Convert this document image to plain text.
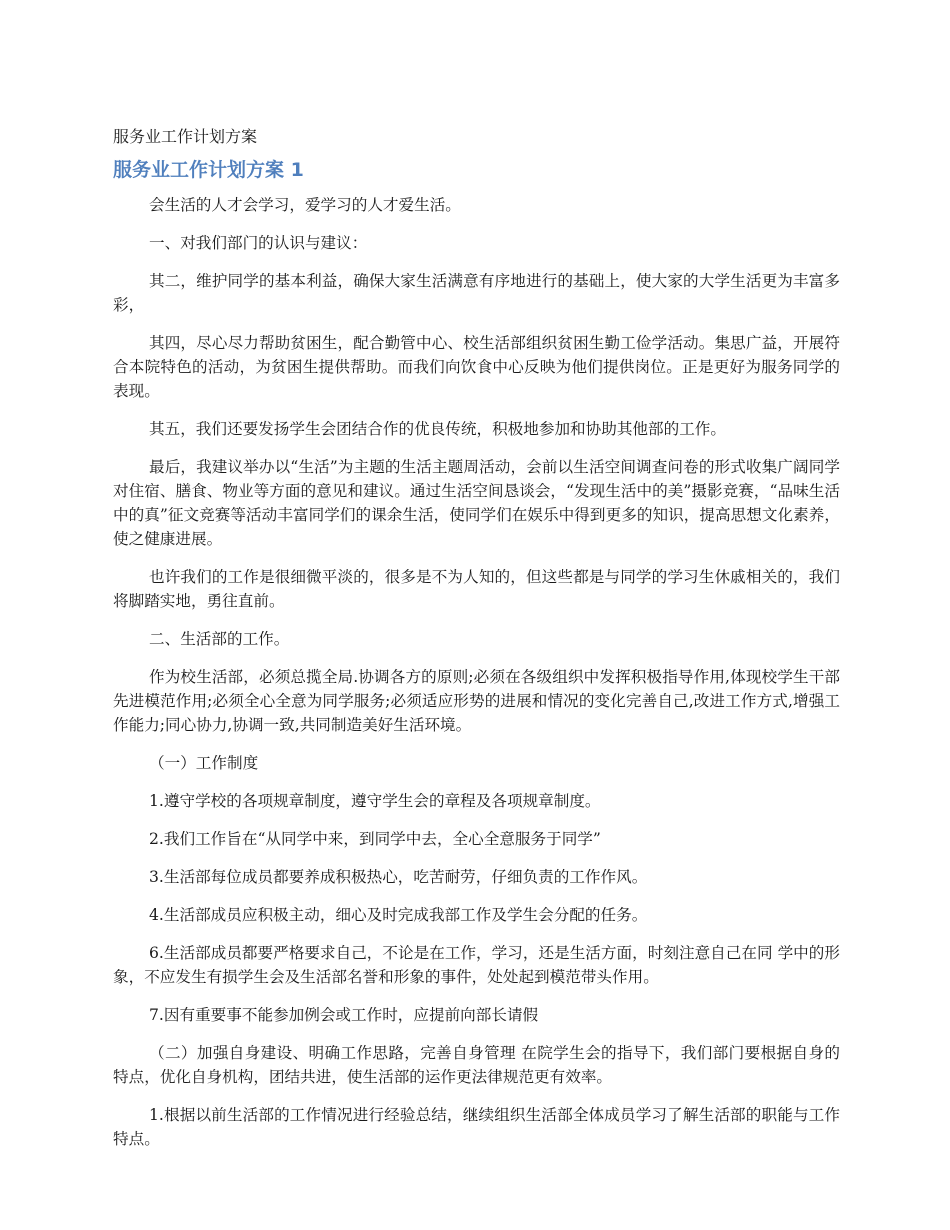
服务业工作计划方案
服务业工作计划方案 1

会生活的人才会学习，爱学习的人才爱生活。

一、对我们部门的认识与建议：

其二，维护同学的基本利益，确保大家生活满意有序地进行的基础上，使大家的大学生活更为丰富多彩，

其四，尽心尽力帮助贫困生，配合勤管中心、校生活部组织贫困生勤工俭学活动。集思广益，开展符合本院特色的活动，为贫困生提供帮助。而我们向饮食中心反映为他们提供岗位。正是更好为服务同学的表现。

其五，我们还要发扬学生会团结合作的优良传统，积极地参加和协助其他部的工作。

最后，我建议举办以“生活”为主题的生活主题周活动，会前以生活空间调查问卷的形式收集广阔同学对住宿、膳食、物业等方面的意见和建议。通过生活空间恳谈会，“发现生活中的美”摄影竞赛，“品味生活中的真”征文竞赛等活动丰富同学们的课余生活，使同学们在娱乐中得到更多的知识，提高思想文化素养，使之健康进展。

也许我们的工作是很细微平淡的，很多是不为人知的，但这些都是与同学的学习生休戚相关的，我们将脚踏实地，勇往直前。

二、生活部的工作。

作为校生活部，必须总揽全局.协调各方的原则;必须在各级组织中发挥积极指导作用,体现校学生干部先进模范作用;必须全心全意为同学服务;必须适应形势的进展和情况的变化完善自己,改进工作方式,增强工作能力;同心协力,协调一致,共同制造美好生活环境。

（一）工作制度

1.遵守学校的各项规章制度，遵守学生会的章程及各项规章制度。

2.我们工作旨在“从同学中来，到同学中去，全心全意服务于同学”

3.生活部每位成员都要养成积极热心，吃苦耐劳，仔细负责的工作作风。

4.生活部成员应积极主动，细心及时完成我部工作及学生会分配的任务。

6.生活部成员都要严格要求自己，不论是在工作，学习，还是生活方面，时刻注意自己在同 学中的形象，不应发生有损学生会及生活部名誉和形象的事件，处处起到模范带头作用。

7.因有重要事不能参加例会或工作时，应提前向部长请假

（二）加强自身建设、明确工作思路，完善自身管理 在院学生会的指导下，我们部门要根据自身的特点，优化自身机构，团结共进，使生活部的运作更法律规范更有效率。

1.根据以前生活部的工作情况进行经验总结，继续组织生活部全体成员学习了解生活部的职能与工作特点。
